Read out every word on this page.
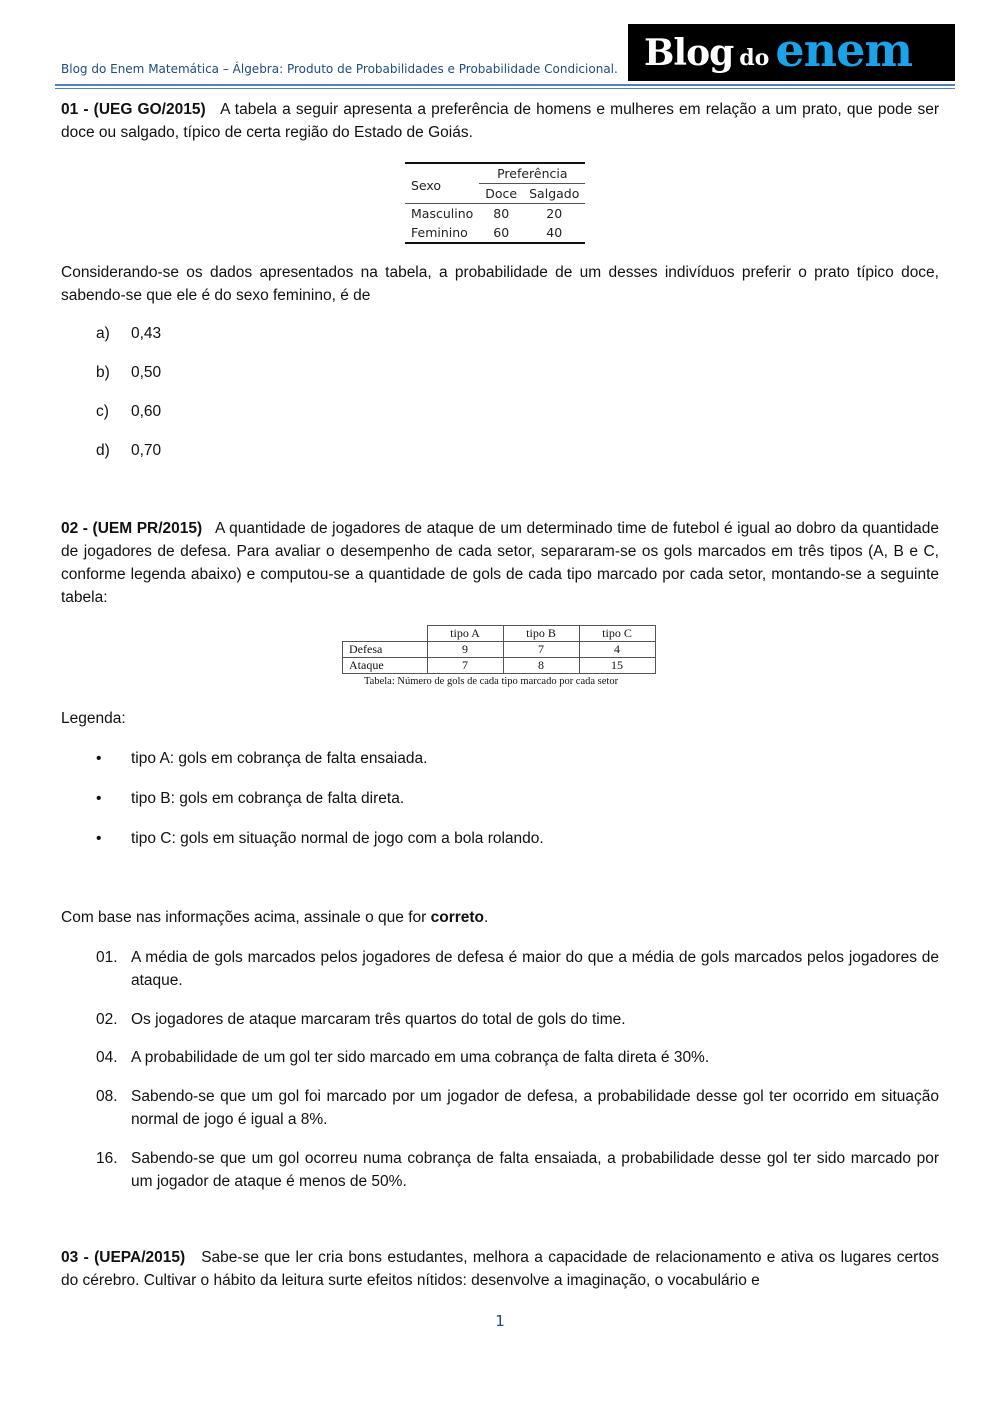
Blog do Enem Matemática – Álgebra: Produto de Probabilidades e Probabilidade Condicional. Blog do enem
01 - (UEG GO/2015) A tabela a seguir apresenta a preferência de homens e mulheres em relação a um prato, que pode ser doce ou salgado, típico de certa região do Estado de Goiás.
Sexo	Preferência	
	Doce	Salgado
Masculino	80	20
Feminino	60	40
Considerando-se os dados apresentados na tabela, a probabilidade de um desses indivíduos preferir o prato típico doce, sabendo-se que ele é do sexo feminino, é de
a) 0,43
b) 0,50
c) 0,60
d) 0,70
02 - (UEM PR/2015) A quantidade de jogadores de ataque de um determinado time de futebol é igual ao dobro da quantidade de jogadores de defesa. Para avaliar o desempenho de cada setor, separaram-se os gols marcados em três tipos (A, B e C, conforme legenda abaixo) e computou-se a quantidade de gols de cada tipo marcado por cada setor, montando-se a seguinte tabela:
	tipo A	tipo B	tipo C
Defesa	9	7	4
Ataque	7	8	15
Tabela: Número de gols de cada tipo marcado por cada setor
Legenda:
• tipo A: gols em cobrança de falta ensaiada.
• tipo B: gols em cobrança de falta direta.
• tipo C: gols em situação normal de jogo com a bola rolando.
Com base nas informações acima, assinale o que for correto.
01. A média de gols marcados pelos jogadores de defesa é maior do que a média de gols marcados pelos jogadores de ataque.
02. Os jogadores de ataque marcaram três quartos do total de gols do time.
04. A probabilidade de um gol ter sido marcado em uma cobrança de falta direta é 30%.
08. Sabendo-se que um gol foi marcado por um jogador de defesa, a probabilidade desse gol ter ocorrido em situação normal de jogo é igual a 8%.
16. Sabendo-se que um gol ocorreu numa cobrança de falta ensaiada, a probabilidade desse gol ter sido marcado por um jogador de ataque é menos de 50%.
03 - (UEPA/2015) Sabe-se que ler cria bons estudantes, melhora a capacidade de relacionamento e ativa os lugares certos do cérebro. Cultivar o hábito da leitura surte efeitos nítidos: desenvolve a imaginação, o vocabulário e
1
